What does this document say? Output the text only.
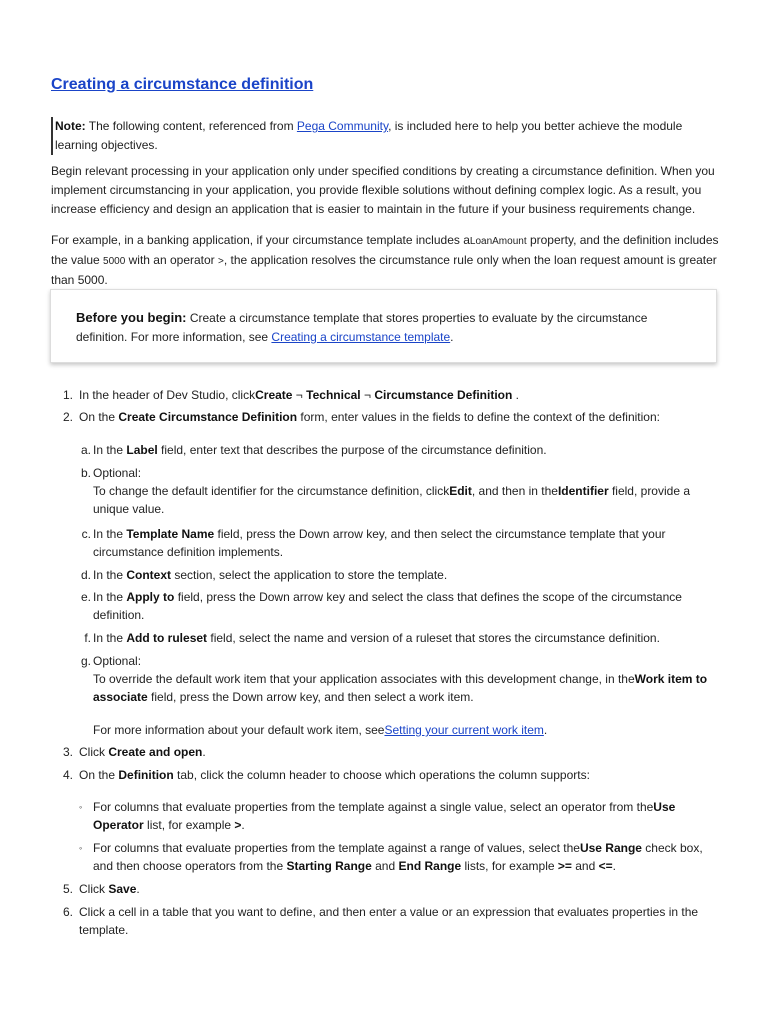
Creating a circumstance definition
Note: The following content, referenced from Pega Community, is included here to help you better achieve the module learning objectives.

Begin relevant processing in your application only under specified conditions by creating a circumstance definition. When you implement circumstancing in your application, you provide flexible solutions without defining complex logic. As a result, you increase efficiency and design an application that is easier to maintain in the future if your business requirements change.

For example, in a banking application, if your circumstance template includes aLoanAmount property, and the definition includes the value 5000 with an operator >, the application resolves the circumstance rule only when the loan request amount is greater than 5000.

Before you begin: Create a circumstance template that stores properties to evaluate by the circumstance definition. For more information, see Creating a circumstance template.
1. In the header of Dev Studio, clickCreate ¬ Technical ¬ Circumstance Definition .
2. On the Create Circumstance Definition form, enter values in the fields to define the context of the definition:
a. In the Label field, enter text that describes the purpose of the circumstance definition.
b. Optional:
To change the default identifier for the circumstance definition, clickEdit, and then in theIdentifier field, provide a unique value.
c. In the Template Name field, press the Down arrow key, and then select the circumstance template that your circumstance definition implements.
d. In the Context section, select the application to store the template.
e. In the Apply to field, press the Down arrow key and select the class that defines the scope of the circumstance definition.
f. In the Add to ruleset field, select the name and version of a ruleset that stores the circumstance definition.
g. Optional:
To override the default work item that your application associates with this development change, in theWork item to associate field, press the Down arrow key, and then select a work item.
For more information about your default work item, seeSetting your current work item.
3. Click Create and open.
4. On the Definition tab, click the column header to choose which operations the column supports:
◦ For columns that evaluate properties from the template against a single value, select an operator from theUse Operator list, for example >.
◦ For columns that evaluate properties from the template against a range of values, select theUse Range check box, and then choose operators from the Starting Range and End Range lists, for example >= and <=.
5. Click Save.
6. Click a cell in a table that you want to define, and then enter a value or an expression that evaluates properties in the template.
